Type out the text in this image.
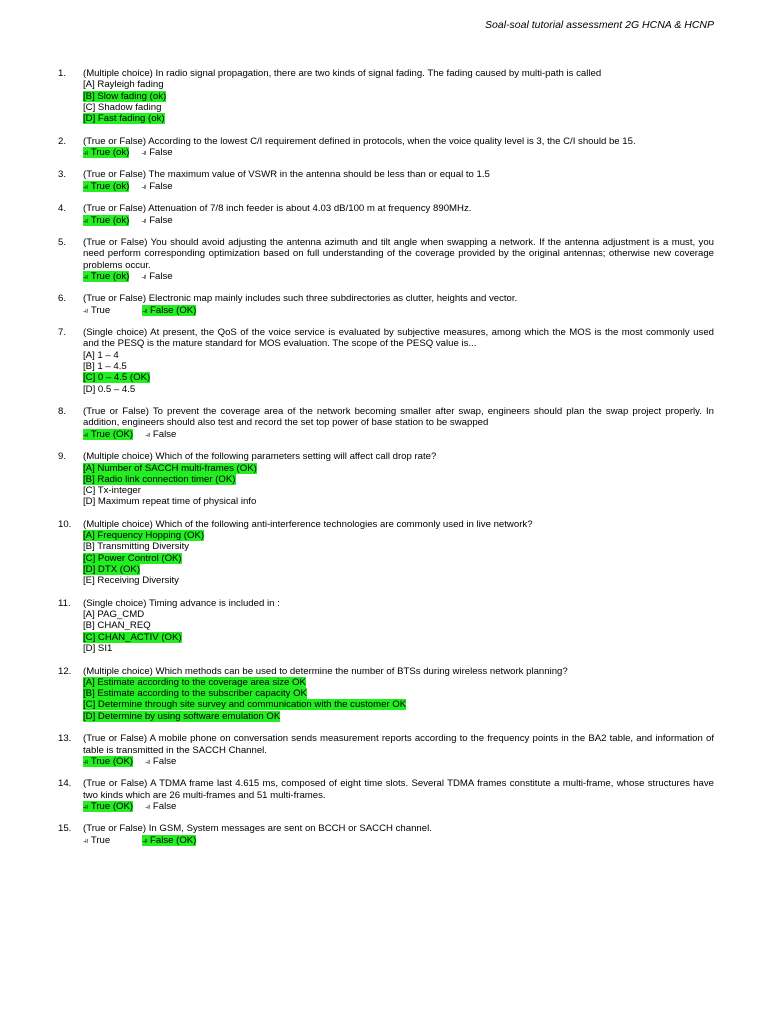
Soal-soal tutorial assessment 2G HCNA & HCNP
1. (Multiple choice) In radio signal propagation, there are two kinds of signal fading. The fading caused by multi-path is called
[A] Rayleigh fading
[B] Slow fading (ok)
[C] Shadow fading
[D] Fast fading (ok)
2. (True or False) According to the lowest C/I requirement defined in protocols, when the voice quality level is 3, the C/I should be 15.
⫣ True (ok) ⫣ False
3. (True or False) The maximum value of VSWR in the antenna should be less than or equal to 1.5
⫣ True (ok) ⫣ False
4. (True or False) Attenuation of 7/8 inch feeder is about 4.03 dB/100 m at frequency 890MHz.
⫣ True (ok) ⫣ False
5. (True or False) You should avoid adjusting the antenna azimuth and tilt angle when swapping a network. If the antenna adjustment is a must, you need perform corresponding optimization based on full understanding of the coverage provided by the original antennas; otherwise new coverage problems occur.
⫣ True (ok) ⫣ False
6. (True or False) Electronic map mainly includes such three subdirectories as clutter, heights and vector.
⫣ True	⫣ False (OK)
7. (Single choice) At present, the QoS of the voice service is evaluated by subjective measures, among which the MOS is the most commonly used and the PESQ is the mature standard for MOS evaluation. The scope of the PESQ value is...
[A] 1 – 4
[B] 1 – 4.5
[C] 0 – 4.5 (OK)
[D] 0.5 – 4.5
8. (True or False) To prevent the coverage area of the network becoming smaller after swap, engineers should plan the swap project properly. In addition, engineers should also test and record the set top power of base station to be swapped
⫣ True (OK) ⫣ False
9. (Multiple choice) Which of the following parameters setting will affect call drop rate?
[A] Number of SACCH multi-frames (OK)
[B] Radio link connection timer (OK)
[C] Tx-integer
[D] Maximum repeat time of physical info
10. (Multiple choice) Which of the following anti-interference technologies are commonly used in live network?
[A] Frequency Hopping (OK)
[B] Transmitting Diversity
[C] Power Control (OK)
[D] DTX (OK)
[E] Receiving Diversity
11. (Single choice) Timing advance is included in :
[A] PAG_CMD
[B] CHAN_REQ
[C] CHAN_ACTIV (OK)
[D] SI1
12. (Multiple choice) Which methods can be used to determine the number of BTSs during wireless network planning?
[A] Estimate according to the coverage area size OK
[B] Estimate according to the subscriber capacity OK
[C] Determine through site survey and communication with the customer OK
[D] Determine by using software emulation OK
13. (True or False) A mobile phone on conversation sends measurement reports according to the frequency points in the BA2 table, and information of table is transmitted in the SACCH Channel.
⫣ True (OK) ⫣ False
14. (True or False) A TDMA frame last 4.615 ms, composed of eight time slots. Several TDMA frames constitute a multi-frame, whose structures have two kinds which are 26 multi-frames and 51 multi-frames.
⫣ True (OK) ⫣ False
15. (True or False) In GSM, System messages are sent on BCCH or SACCH channel.
⫣ True	⫣ False (OK)
